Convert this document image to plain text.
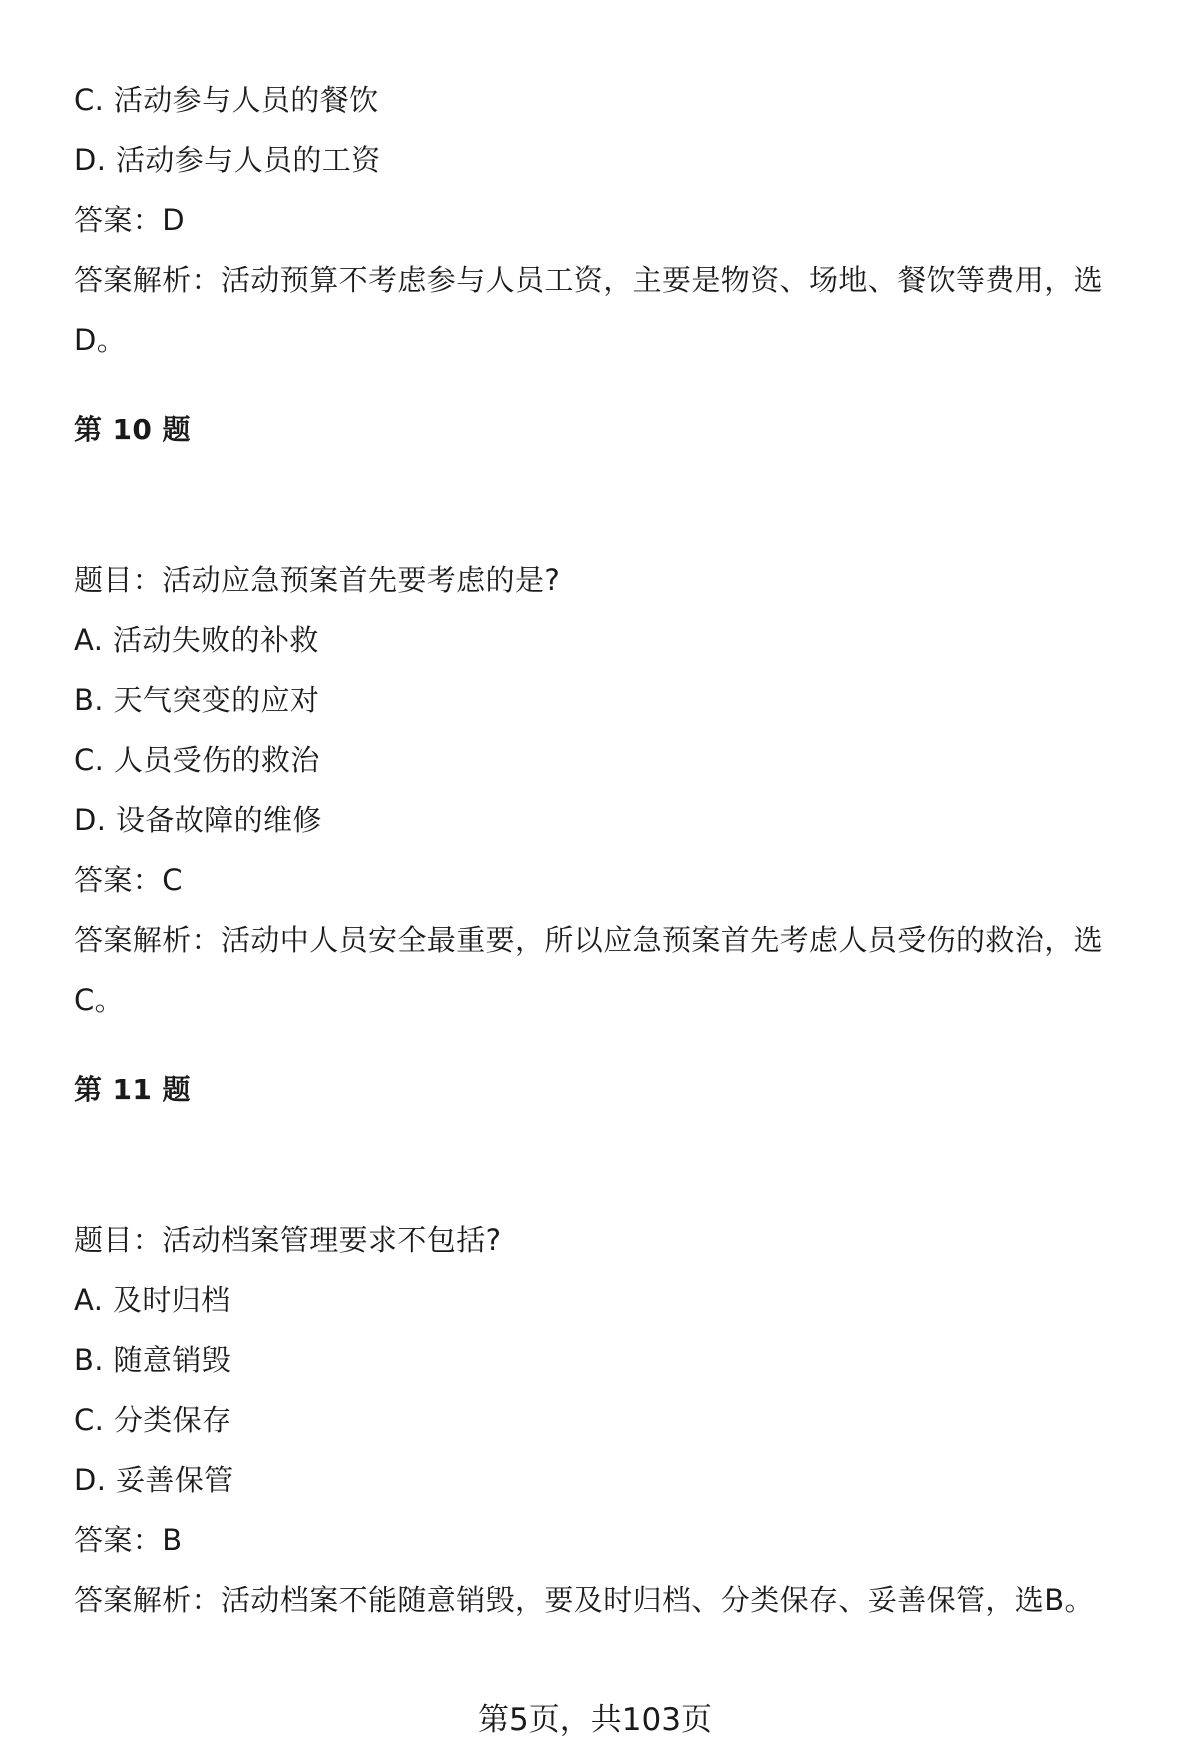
C. 活动参与人员的餐饮
D. 活动参与人员的工资
答案：D
答案解析：活动预算不考虑参与人员工资，主要是物资、场地、餐饮等费用，选
D。
第 10 题
题目：活动应急预案首先要考虑的是?
A. 活动失败的补救
B. 天气突变的应对
C. 人员受伤的救治
D. 设备故障的维修
答案：C
答案解析：活动中人员安全最重要，所以应急预案首先考虑人员受伤的救治，选
C。
第 11 题
题目：活动档案管理要求不包括?
A. 及时归档
B. 随意销毁
C. 分类保存
D. 妥善保管
答案：B
答案解析：活动档案不能随意销毁，要及时归档、分类保存、妥善保管，选B。
第5页，共103页
